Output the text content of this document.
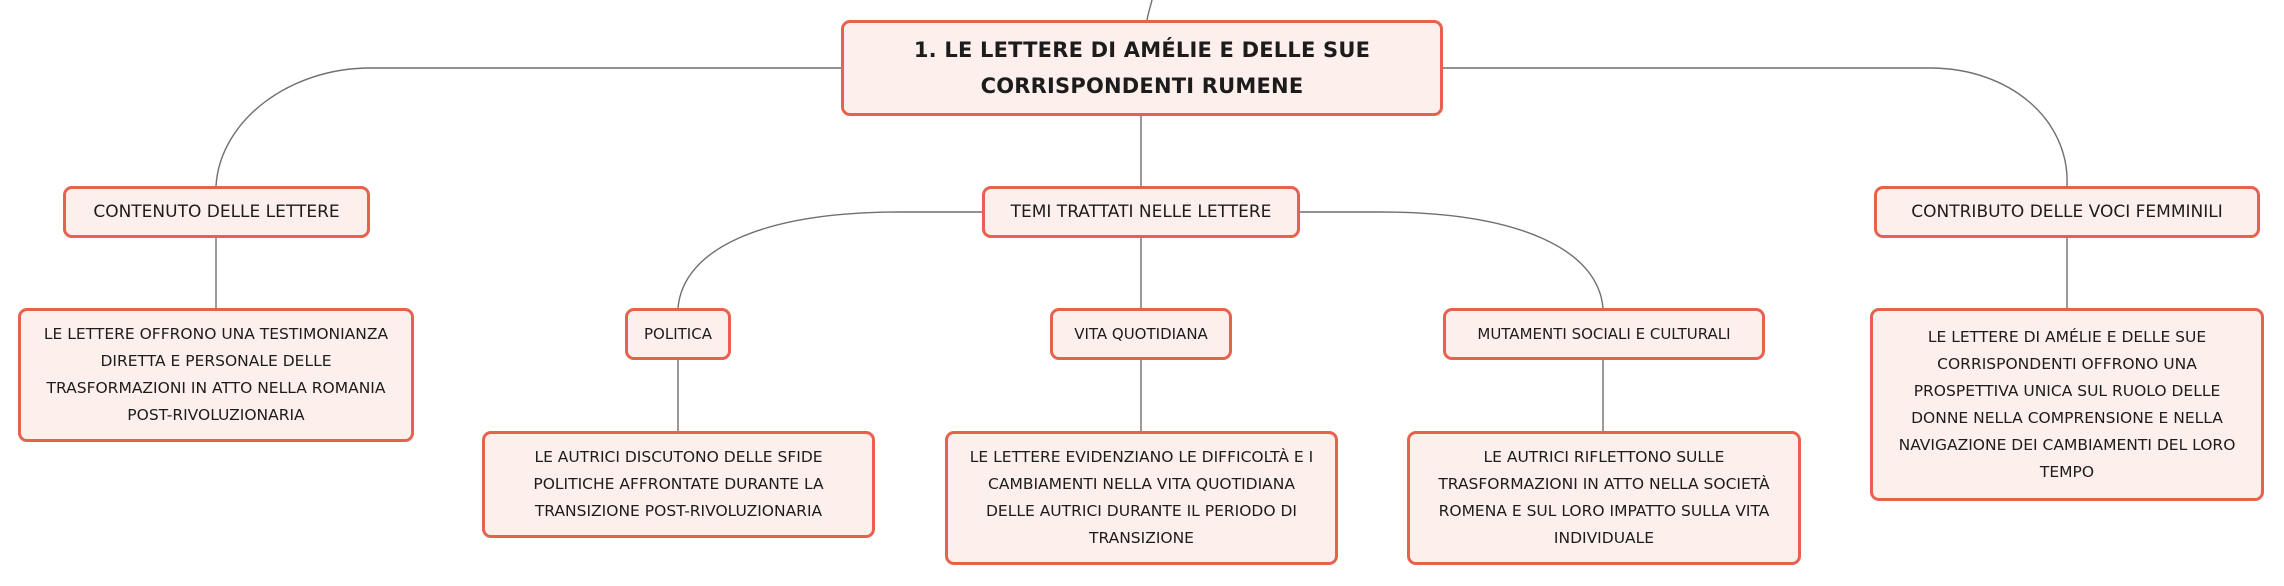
1. LE LETTERE DI AMÉLIE E DELLE SUE
CORRISPONDENTI RUMENE
CONTENUTO DELLE LETTERE	TEMI TRATTATI NELLE LETTERE	CONTRIBUTO DELLE VOCI FEMMINILI
POLITICA	VITA QUOTIDIANA	MUTAMENTI SOCIALI E CULTURALI
LE LETTERE OFFRONO UNA TESTIMONIANZA
DIRETTA E PERSONALE DELLE
TRASFORMAZIONI IN ATTO NELLA ROMANIA
POST-RIVOLUZIONARIA
LE AUTRICI DISCUTONO DELLE SFIDE
POLITICHE AFFRONTATE DURANTE LA
TRANSIZIONE POST-RIVOLUZIONARIA
LE LETTERE EVIDENZIANO LE DIFFICOLTÀ E I
CAMBIAMENTI NELLA VITA QUOTIDIANA
DELLE AUTRICI DURANTE IL PERIODO DI
TRANSIZIONE
LE AUTRICI RIFLETTONO SULLE
TRASFORMAZIONI IN ATTO NELLA SOCIETÀ
ROMENA E SUL LORO IMPATTO SULLA VITA
INDIVIDUALE
LE LETTERE DI AMÉLIE E DELLE SUE
CORRISPONDENTI OFFRONO UNA
PROSPETTIVA UNICA SUL RUOLO DELLE
DONNE NELLA COMPRENSIONE E NELLA
NAVIGAZIONE DEI CAMBIAMENTI DEL LORO
TEMPO
